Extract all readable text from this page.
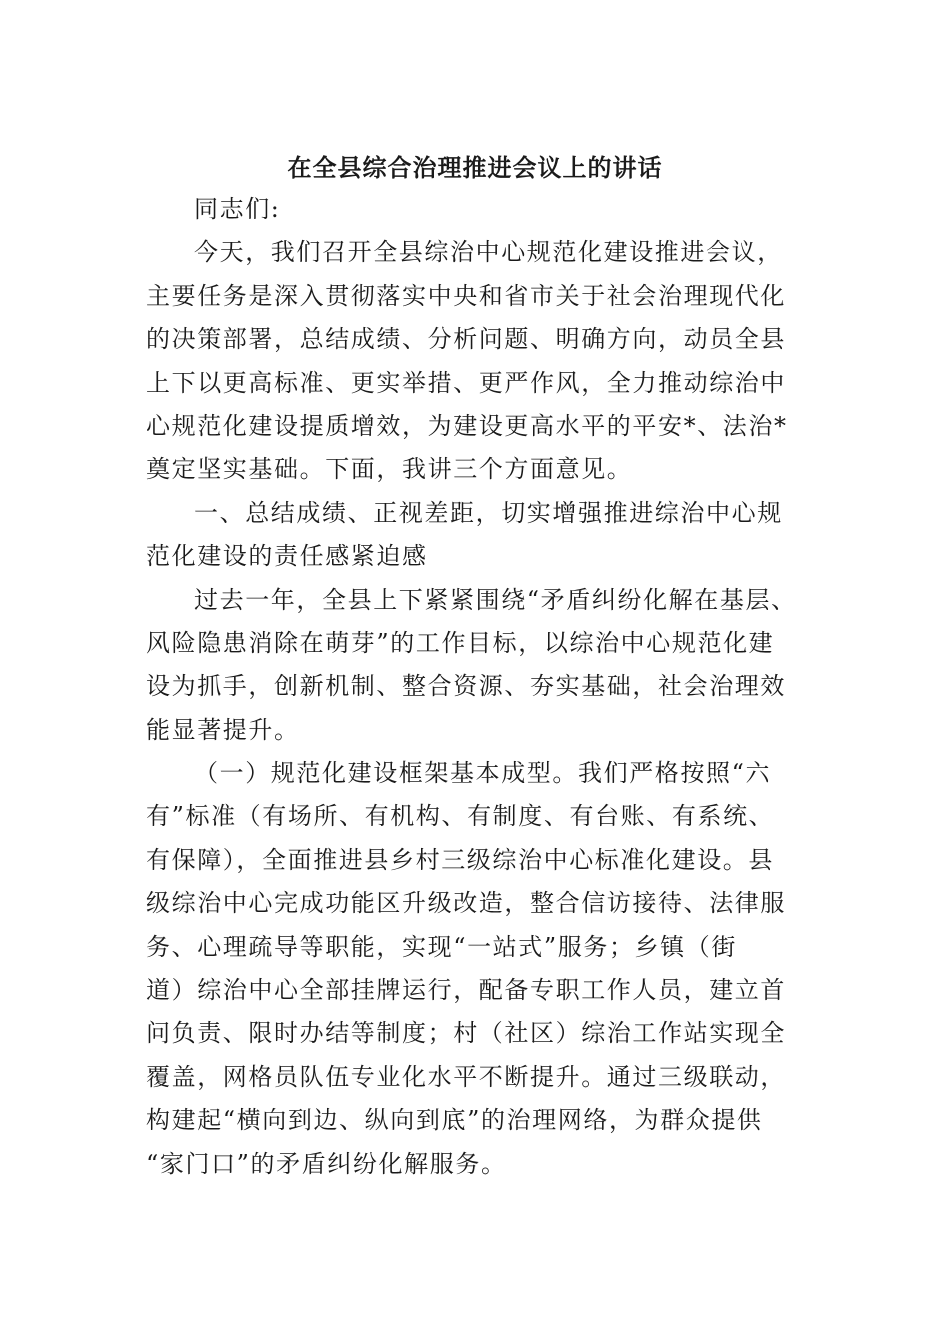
在全县综合治理推进会议上的讲话
同志们:
今天，我们召开全县综治中心规范化建设推进会议，
主要任务是深入贯彻落实中央和省市关于社会治理现代化
的决策部署，总结成绩、分析问题、明确方向，动员全县
上下以更高标准、更实举措、更严作风，全力推动综治中
心规范化建设提质增效，为建设更高水平的平安*、法治*
奠定坚实基础。下面，我讲三个方面意见。
一、总结成绩、正视差距，切实增强推进综治中心规
范化建设的责任感紧迫感
过去一年，全县上下紧紧围绕“矛盾纠纷化解在基层、
风险隐患消除在萌芽”的工作目标，以综治中心规范化建
设为抓手，创新机制、整合资源、夯实基础，社会治理效
能显著提升。
（一）规范化建设框架基本成型。我们严格按照“六
有”标准（有场所、有机构、有制度、有台账、有系统、
有保障），全面推进县乡村三级综治中心标准化建设。县
级综治中心完成功能区升级改造，整合信访接待、法律服
务、心理疏导等职能，实现“一站式”服务；乡镇（街
道）综治中心全部挂牌运行，配备专职工作人员，建立首
问负责、限时办结等制度；村（社区）综治工作站实现全
覆盖，网格员队伍专业化水平不断提升。通过三级联动，
构建起“横向到边、纵向到底”的治理网络，为群众提供
“家门口”的矛盾纠纷化解服务。
